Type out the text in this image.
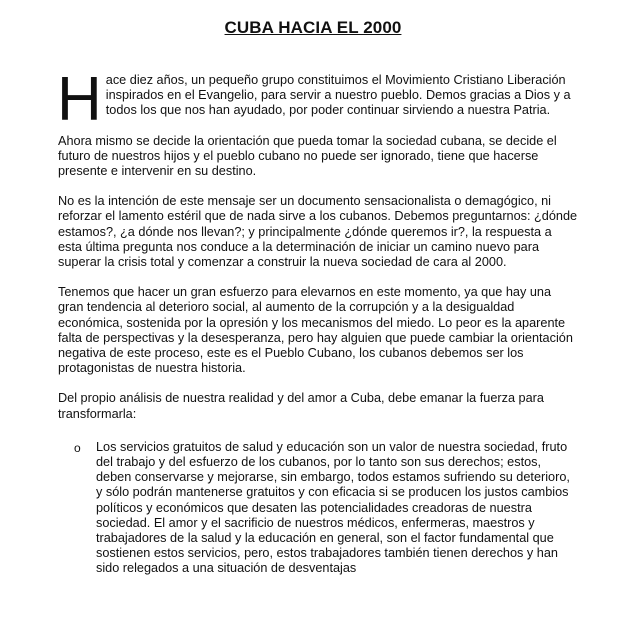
CUBA HACIA EL 2000

Hace diez años, un pequeño grupo constituimos el Movimiento Cristiano Liberación inspirados en el Evangelio, para servir a nuestro pueblo. Demos gracias a Dios y a todos los que nos han ayudado, por poder continuar sirviendo a nuestra Patria.

Ahora mismo se decide la orientación que pueda tomar la sociedad cubana, se decide el futuro de nuestros hijos y el pueblo cubano no puede ser ignorado, tiene que hacerse presente e intervenir en su destino.

No es la intención de este mensaje ser un documento sensacionalista o demagógico, ni reforzar el lamento estéril que de nada sirve a los cubanos. Debemos preguntarnos: ¿dónde estamos?, ¿a dónde nos llevan?; y principalmente ¿dónde queremos ir?, la respuesta a esta última pregunta nos conduce a la determinación de iniciar un camino nuevo para superar la crisis total y comenzar a construir la nueva sociedad de cara al 2000.

Tenemos que hacer un gran esfuerzo para elevarnos en este momento, ya que hay una gran tendencia al deterioro social, al aumento de la corrupción y a la desigualdad económica, sostenida por la opresión y los mecanismos del miedo. Lo peor es la aparente falta de perspectivas y la desesperanza, pero hay alguien que puede cambiar la orientación negativa de este proceso, este es el Pueblo Cubano, los cubanos debemos ser los protagonistas de nuestra historia.

Del propio análisis de nuestra realidad y del amor a Cuba, debe emanar la fuerza para transformarla:

o Los servicios gratuitos de salud y educación son un valor de nuestra sociedad, fruto del trabajo y del esfuerzo de los cubanos, por lo tanto son sus derechos; estos, deben conservarse y mejorarse, sin embargo, todos estamos sufriendo su deterioro, y sólo podrán mantenerse gratuitos y con eficacia si se producen los justos cambios políticos y económicos que desaten las potencialidades creadoras de nuestra sociedad. El amor y el sacrificio de nuestros médicos, enfermeras, maestros y trabajadores de la salud y la educación en general, son el factor fundamental que sostienen estos servicios, pero, estos trabajadores también tienen derechos y han sido relegados a una situación de desventajas
